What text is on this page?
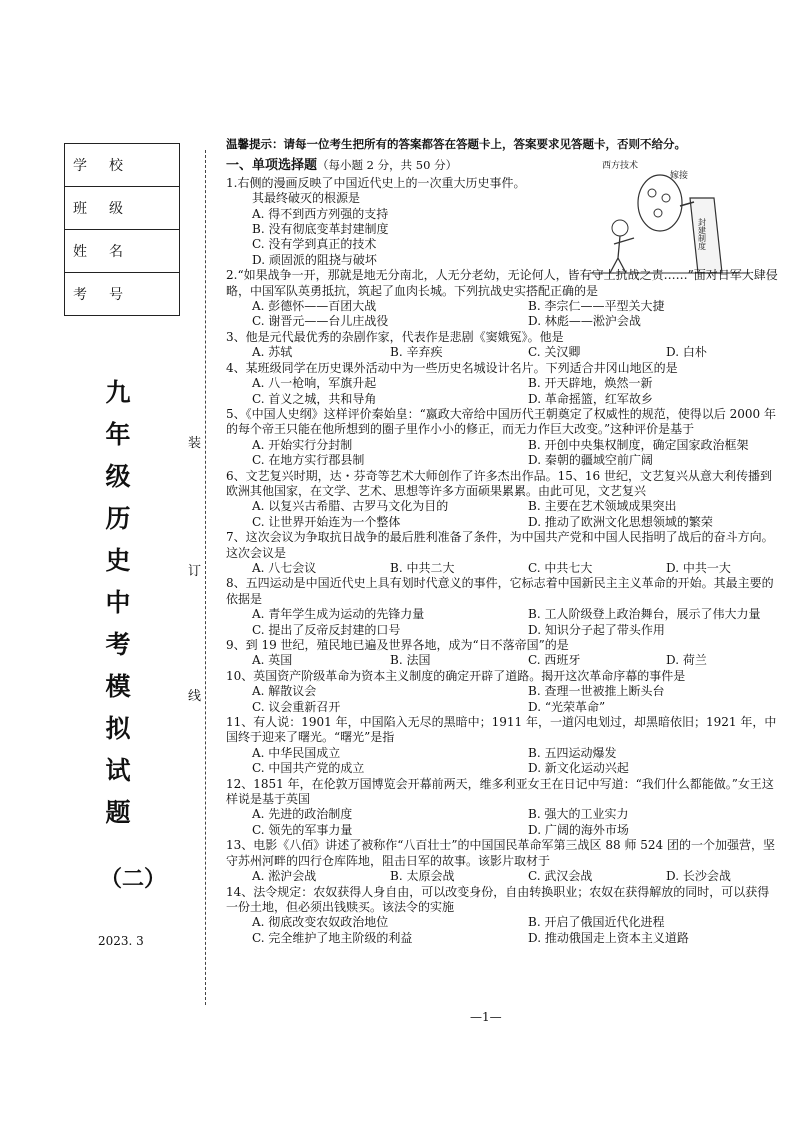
学校
班级
姓名
考号
九
年
级
历
史
中
考
模
拟
试
题
（二）
2023. 3
装
订
线
西方技术
嫁接
封建制度
温馨提示：请每一位考生把所有的答案都答在答题卡上，答案要求见答题卡，否则不给分。
一、单项选择题（每小题 2 分，共 50 分）

1.右侧的漫画反映了中国近代史上的一次重大历史事件。

其最终破灭的根源是

A. 得不到西方列强的支持
B. 没有彻底变革封建制度
C. 没有学到真正的技术
D. 顽固派的阻挠与破坏

2.“如果战争一开，那就是地无分南北，人无分老幼，无论何人，皆有守土抗战之责……”面对日军大肆侵略，中国军队英勇抵抗，筑起了血肉长城。下列抗战史实搭配正确的是

A. 彭德怀——百团大战	B. 李宗仁——平型关大捷
C. 谢晋元——台儿庄战役	D. 林彪——淞沪会战

3、他是元代最优秀的杂剧作家，代表作是悲剧《窦娥冤》。他是

A. 苏轼	B. 辛弃疾	C. 关汉卿	D. 白朴

4、某班级同学在历史课外活动中为一些历史名城设计名片。下列适合井冈山地区的是

A. 八一枪响，军旗升起	B. 开天辟地，焕然一新
C. 首义之城，共和导角	D. 革命摇篮，红军故乡

5、《中国人史纲》这样评价秦始皇：“嬴政大帝给中国历代王朝奠定了权威性的规范，使得以后 2000 年的每个帝王只能在他所想到的圈子里作小小的修正，而无力作巨大改变。”这种评价是基于

A. 开始实行分封制	B. 开创中央集权制度，确定国家政治框架
C. 在地方实行郡县制	D. 秦朝的疆域空前广阔

6、文艺复兴时期，达・芬奇等艺术大师创作了许多杰出作品。15、16 世纪，文艺复兴从意大利传播到欧洲其他国家，在文学、艺术、思想等许多方面硕果累累。由此可见，文艺复兴

A. 以复兴古希腊、古罗马文化为目的	B. 主要在艺术领域成果突出
C. 让世界开始连为一个整体	D. 推动了欧洲文化思想领域的繁荣

7、这次会议为争取抗日战争的最后胜利准备了条件，为中国共产党和中国人民指明了战后的奋斗方向。这次会议是

A. 八七会议	B. 中共二大	C. 中共七大	D. 中共一大

8、五四运动是中国近代史上具有划时代意义的事件，它标志着中国新民主主义革命的开始。其最主要的依据是

A. 青年学生成为运动的先锋力量	B. 工人阶级登上政治舞台，展示了伟大力量
C. 提出了反帝反封建的口号	D. 知识分子起了带头作用

9、到 19 世纪，殖民地已遍及世界各地，成为“日不落帝国”的是

A. 英国	B. 法国	C. 西班牙	D. 荷兰

10、英国资产阶级革命为资本主义制度的确定开辟了道路。揭开这次革命序幕的事件是

A. 解散议会	B. 查理一世被推上断头台
C. 议会重新召开	D. “光荣革命”

11、有人说：1901 年，中国陷入无尽的黑暗中；1911 年，一道闪电划过，却黑暗依旧；1921 年，中国终于迎来了曙光。“曙光”是指

A. 中华民国成立	B. 五四运动爆发
C. 中国共产党的成立	D. 新文化运动兴起

12、1851 年，在伦敦万国博览会开幕前两天，维多利亚女王在日记中写道：“我们什么都能做。”女王这样说是基于英国

A. 先进的政治制度	B. 强大的工业实力
C. 领先的军事力量	D. 广阔的海外市场

13、电影《八佰》讲述了被称作“八百壮士”的中国国民革命军第三战区 88 师 524 团的一个加强营，坚守苏州河畔的四行仓库阵地，阻击日军的故事。该影片取材于

A. 淞沪会战	B. 太原会战	C. 武汉会战	D. 长沙会战

14、法令规定：农奴获得人身自由，可以改变身份，自由转换职业；农奴在获得解放的同时，可以获得一份土地，但必须出钱赎买。该法令的实施

A. 彻底改变农奴政治地位	B. 开启了俄国近代化进程
C. 完全维护了地主阶级的利益	D. 推动俄国走上资本主义道路
—1—
